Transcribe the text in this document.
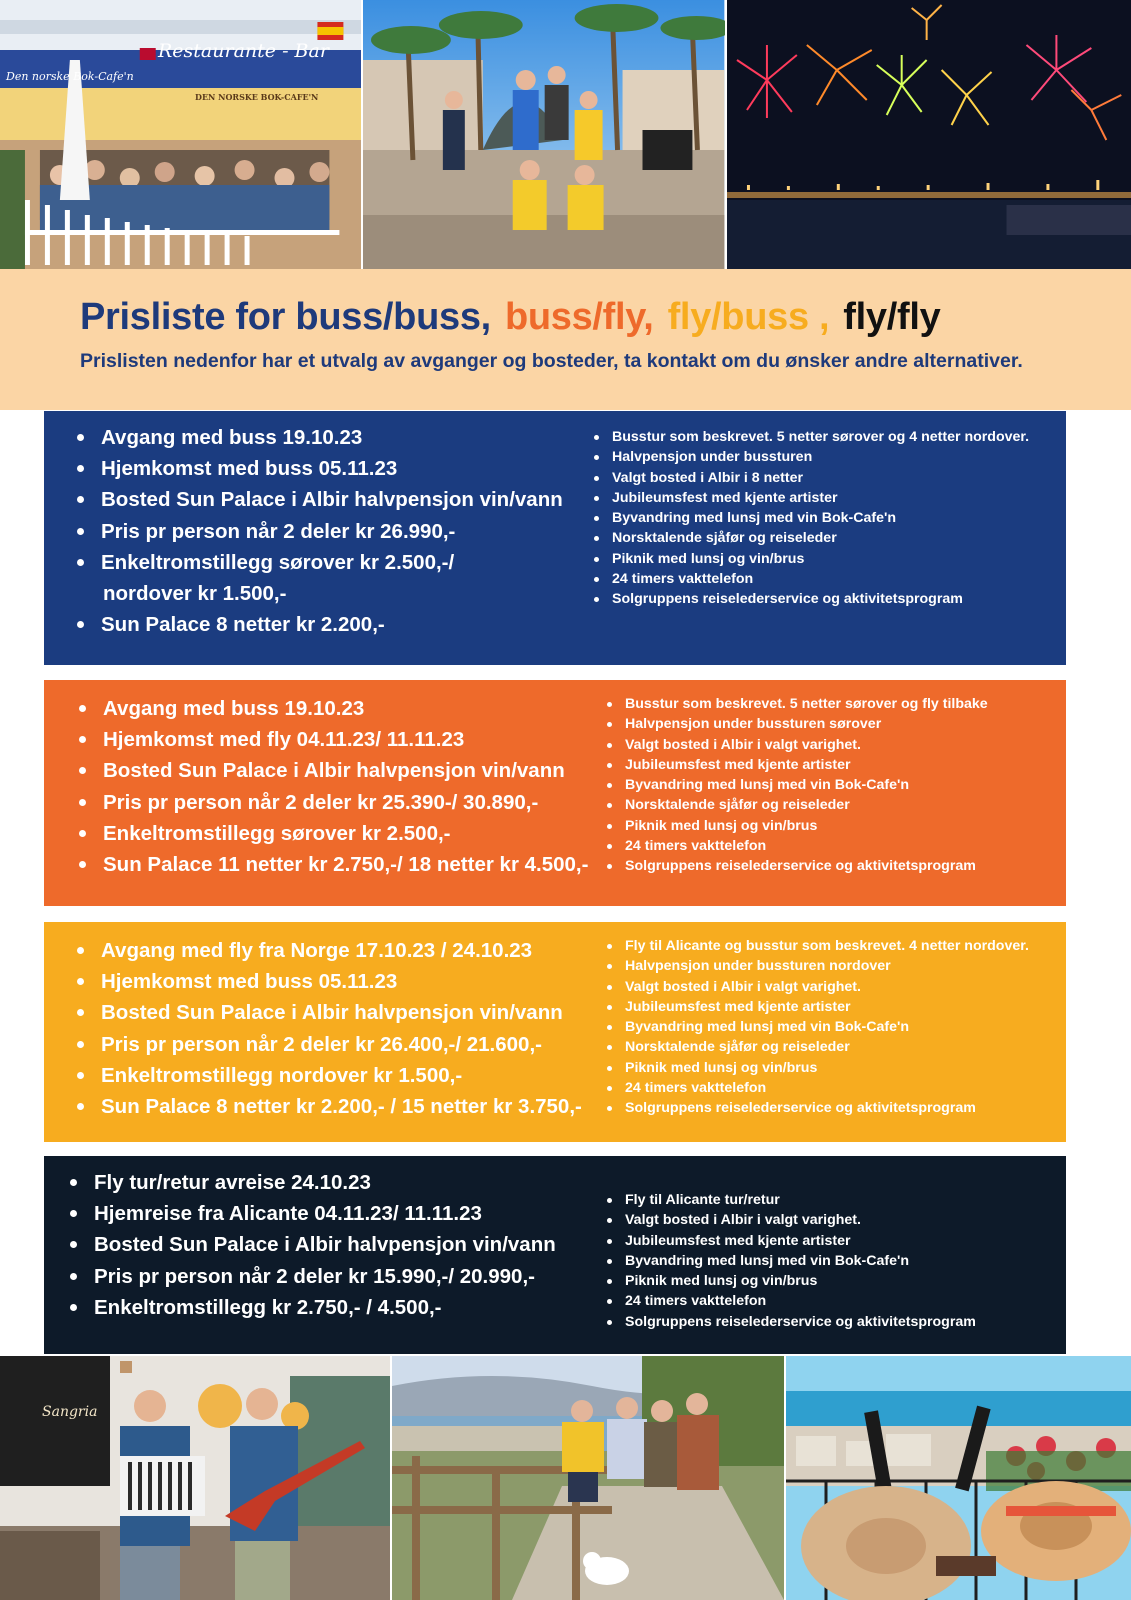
Restaurante - Bar
Den norske Bok-Cafe'n
DEN NORSKE BOK-CAFE'N
Prisliste for buss/buss, buss/fly, fly/buss , fly/fly

Prislisten nedenfor har et utvalg av avganger og bosteder, ta kontakt om du ønsker andre alternativer.

Avgang med buss 19.10.23
Hjemkomst med buss 05.11.23
Bosted Sun Palace i Albir halvpensjon vin/vann
Pris pr person når 2 deler kr 26.990,-
Enkeltromstillegg sørover kr 2.500,-/
nordover kr 1.500,-
Sun Palace 8 netter kr 2.200,-
Busstur som beskrevet. 5 netter sørover og 4 netter nordover.
Halvpensjon under bussturen
Valgt bosted i Albir i 8 netter
Jubileumsfest med kjente artister
Byvandring med lunsj med vin Bok-Cafe'n
Norsktalende sjåfør og reiseleder
Piknik med lunsj og vin/brus
24 timers vakttelefon
Solgruppens reiselederservice og aktivitetsprogram
Avgang med buss 19.10.23
Hjemkomst med fly 04.11.23/ 11.11.23
Bosted Sun Palace i Albir halvpensjon vin/vann
Pris pr person når 2 deler kr 25.390-/ 30.890,-
Enkeltromstillegg sørover kr 2.500,-
Sun Palace 11 netter kr 2.750,-/ 18 netter kr 4.500,-
Busstur som beskrevet. 5 netter sørover og fly tilbake
Halvpensjon under bussturen sørover
Valgt bosted i Albir i valgt varighet.
Jubileumsfest med kjente artister
Byvandring med lunsj med vin Bok-Cafe'n
Norsktalende sjåfør og reiseleder
Piknik med lunsj og vin/brus
24 timers vakttelefon
Solgruppens reiselederservice og aktivitetsprogram
Avgang med fly fra Norge 17.10.23 / 24.10.23
Hjemkomst med buss 05.11.23
Bosted Sun Palace i Albir halvpensjon vin/vann
Pris pr person når 2 deler kr 26.400,-/ 21.600,-
Enkeltromstillegg nordover kr 1.500,-
Sun Palace 8 netter kr 2.200,- / 15 netter kr 3.750,-
Fly til Alicante og busstur som beskrevet. 4 netter nordover.
Halvpensjon under bussturen nordover
Valgt bosted i Albir i valgt varighet.
Jubileumsfest med kjente artister
Byvandring med lunsj med vin Bok-Cafe'n
Norsktalende sjåfør og reiseleder
Piknik med lunsj og vin/brus
24 timers vakttelefon
Solgruppens reiselederservice og aktivitetsprogram
Fly tur/retur avreise 24.10.23
Hjemreise fra Alicante 04.11.23/ 11.11.23
Bosted Sun Palace i Albir halvpensjon vin/vann
Pris pr person når 2 deler kr 15.990,-/ 20.990,-
Enkeltromstillegg kr 2.750,- / 4.500,-
Fly til Alicante tur/retur
Valgt bosted i Albir i valgt varighet.
Jubileumsfest med kjente artister
Byvandring med lunsj med vin Bok-Cafe'n
Piknik med lunsj og vin/brus
24 timers vakttelefon
Solgruppens reiselederservice og aktivitetsprogram
Sangria
